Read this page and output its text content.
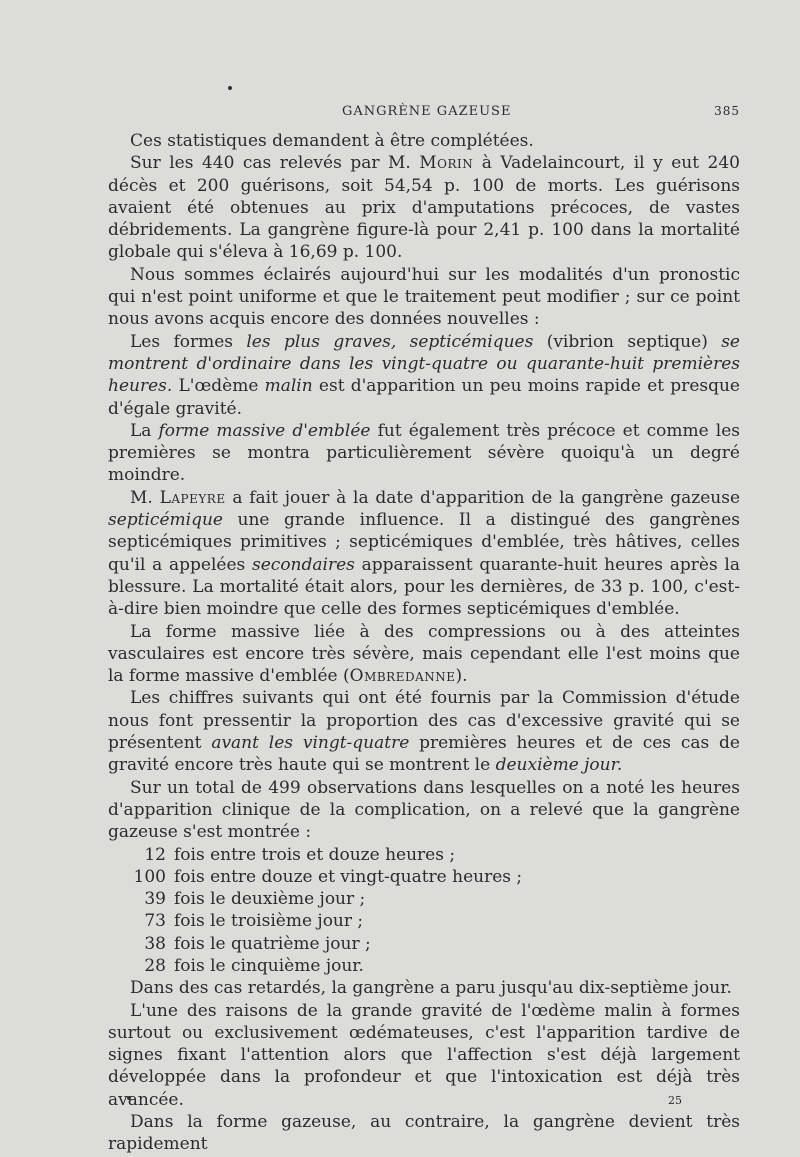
GANGRÈNE GAZEUSE	385

Ces statistiques demandent à être complétées.

Sur les 440 cas relevés par M. Morin à Vadelaincourt, il y eut 240 décès et 200 guérisons, soit 54,54 p. 100 de morts. Les guérisons avaient été obtenues au prix d'amputations précoces, de vastes débridements. La gangrène figure-là pour 2,41 p. 100 dans la mortalité globale qui s'éleva à 16,69 p. 100.

Nous sommes éclairés aujourd'hui sur les modalités d'un pronostic qui n'est point uniforme et que le traitement peut modifier ; sur ce point nous avons acquis encore des données nouvelles :

Les formes les plus graves, septicémiques (vibrion septique) se montrent d'ordinaire dans les vingt-quatre ou quarante-huit premières heures. L'œdème malin est d'apparition un peu moins rapide et presque d'égale gravité.

La forme massive d'emblée fut également très précoce et comme les premières se montra particulièrement sévère quoiqu'à un degré moindre.

M. Lapeyre a fait jouer à la date d'apparition de la gangrène gazeuse septicémique une grande influence. Il a distingué des gangrènes septicémiques primitives ; septicémiques d'emblée, très hâtives, celles qu'il a appelées secondaires apparaissent quarante-huit heures après la blessure. La mortalité était alors, pour les dernières, de 33 p. 100, c'est-à-dire bien moindre que celle des formes septicémiques d'emblée.

La forme massive liée à des compressions ou à des atteintes vasculaires est encore très sévère, mais cependant elle l'est moins que la forme massive d'emblée (Ombredanne).

Les chiffres suivants qui ont été fournis par la Commission d'étude nous font pressentir la proportion des cas d'excessive gravité qui se présentent avant les vingt-quatre premières heures et de ces cas de gravité encore très haute qui se montrent le deuxième jour.

Sur un total de 499 observations dans lesquelles on a noté les heures d'apparition clinique de la complication, on a relevé que la gangrène gazeuse s'est montrée :

12 fois entre trois et douze heures ;
100 fois entre douze et vingt-quatre heures ;
39 fois le deuxième jour ;
73 fois le troisième jour ;
38 fois le quatrième jour ;
28 fois le cinquième jour.

Dans des cas retardés, la gangrène a paru jusqu'au dix-septième jour.

L'une des raisons de la grande gravité de l'œdème malin à formes surtout ou exclusivement œdémateuses, c'est l'apparition tardive de signes fixant l'attention alors que l'affection s'est déjà largement développée dans la profondeur et que l'intoxication est déjà très avancée.

Dans la forme gazeuse, au contraire, la gangrène devient très rapidement

25
